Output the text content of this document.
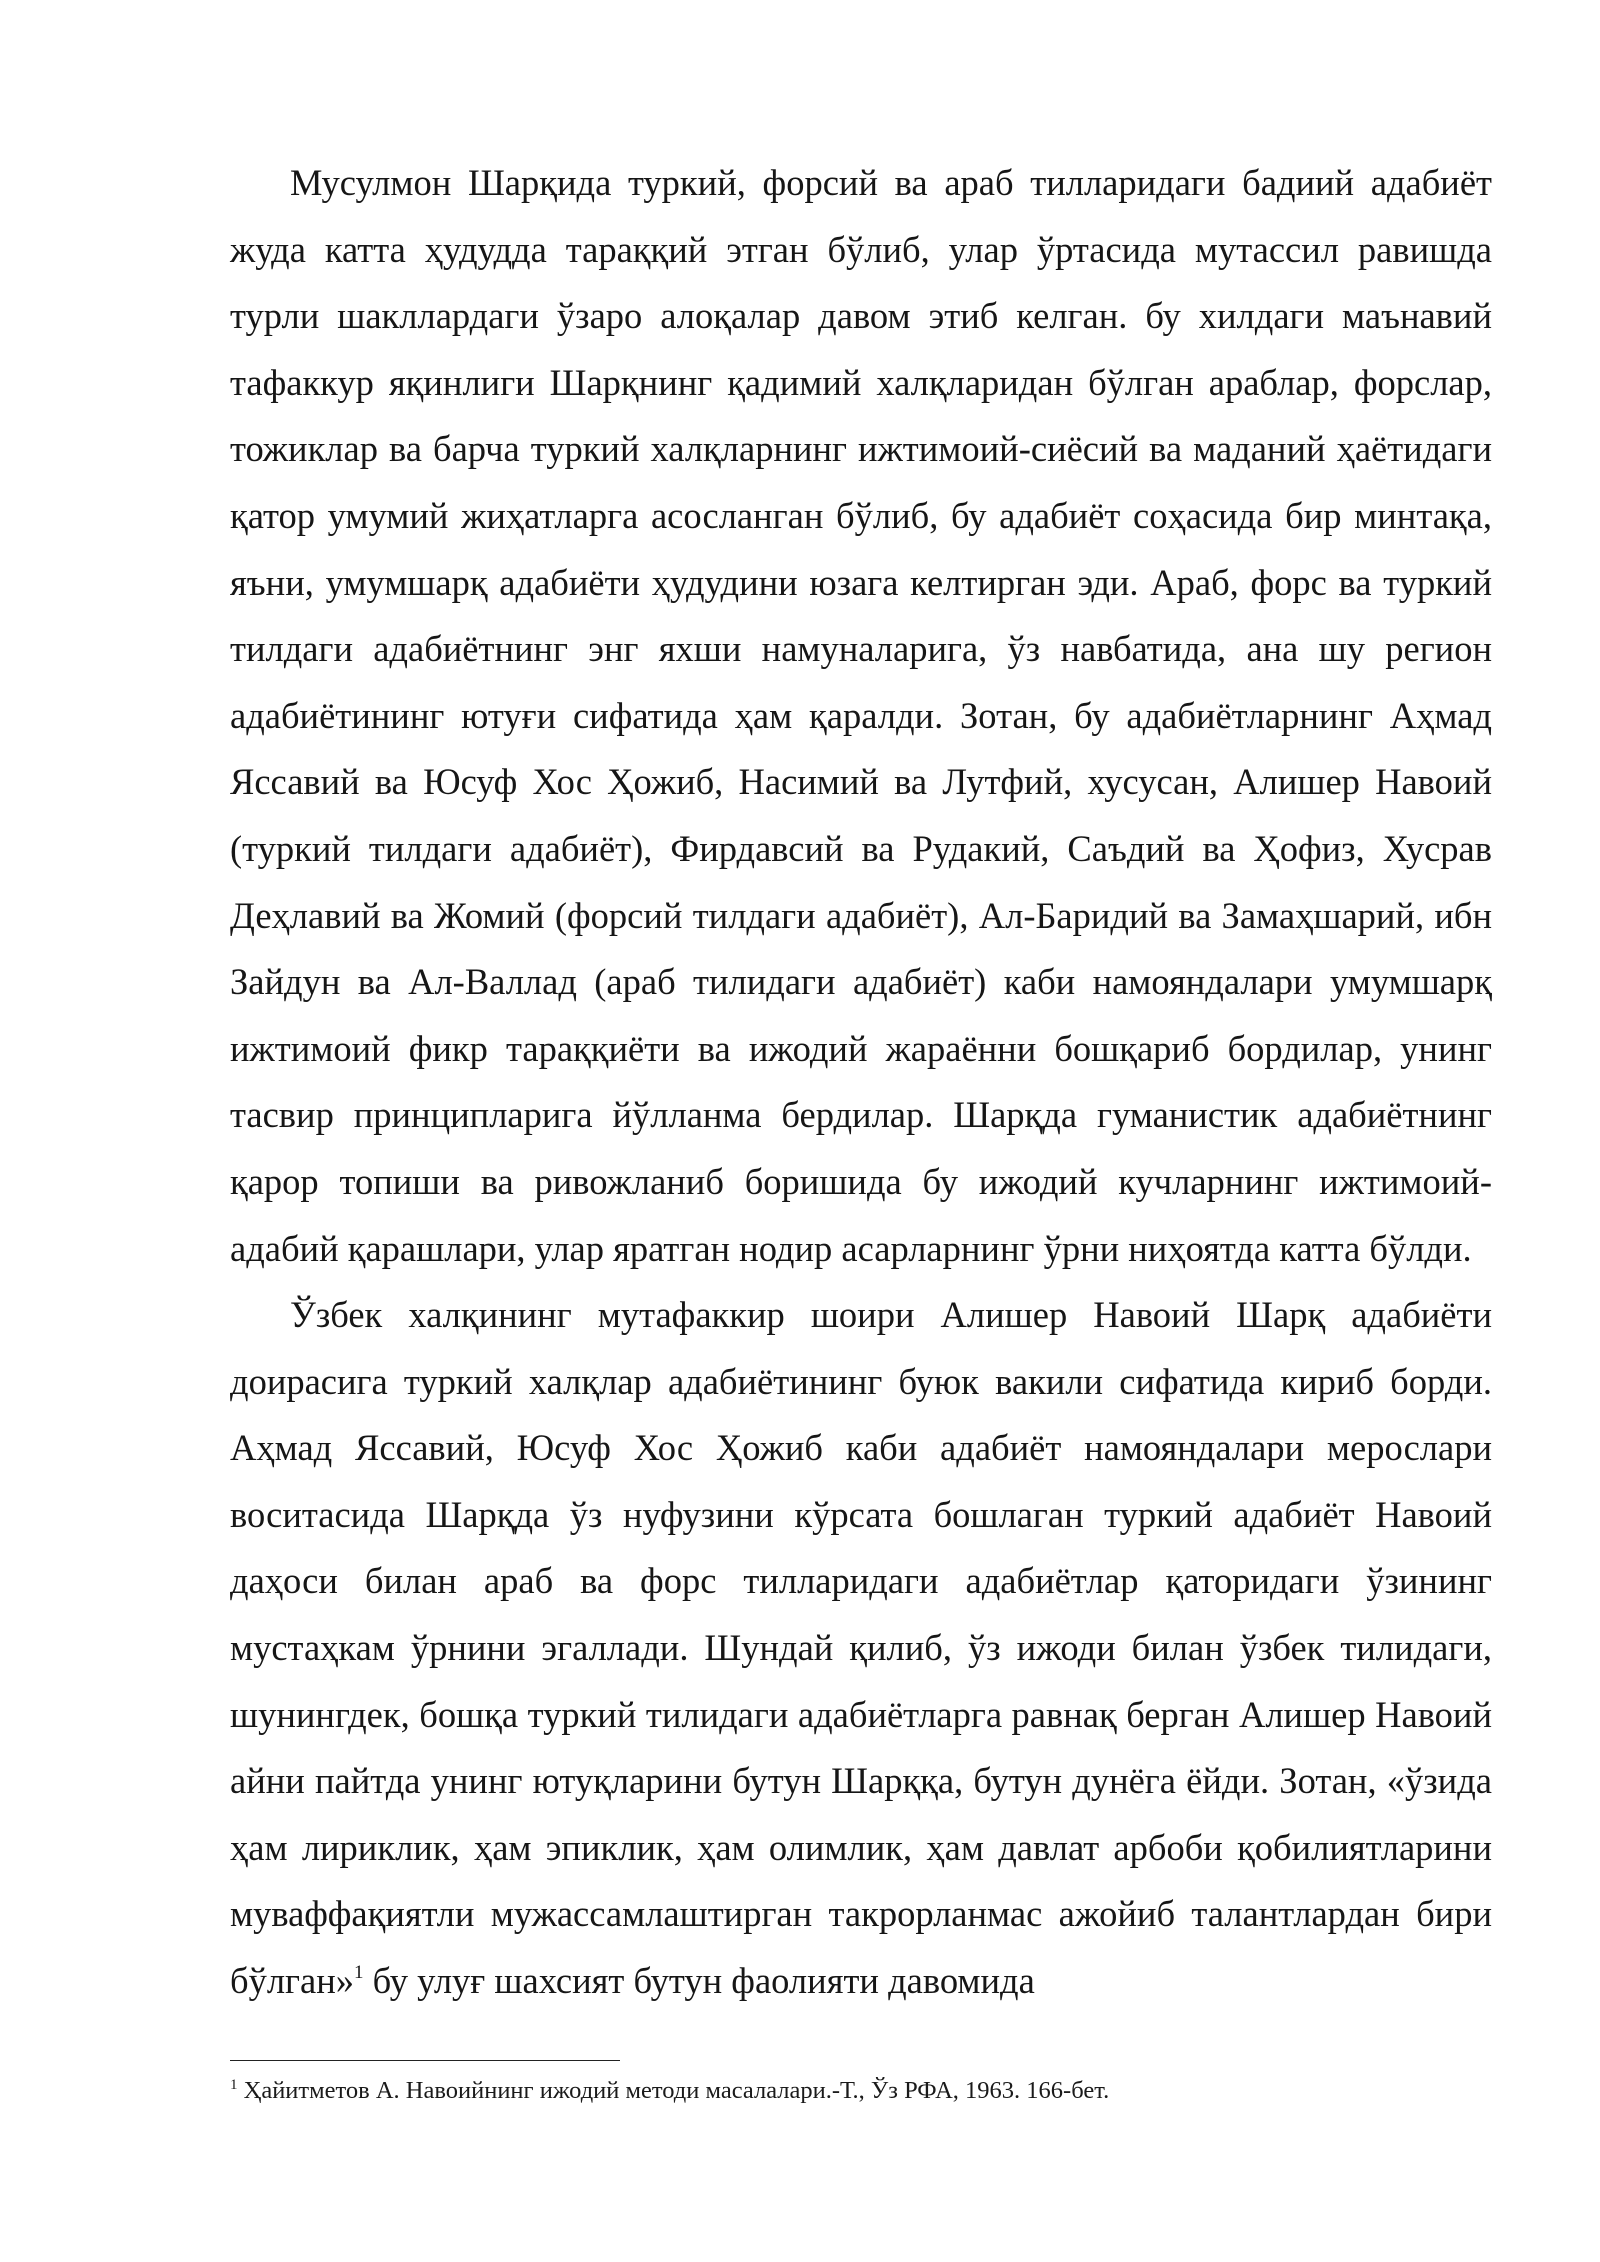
Мусулмон Шарқида туркий, форсий ва араб тилларидаги бадиий адабиёт жуда катта ҳудудда тараққий этган бўлиб, улар ўртасида мутассил равишда турли шакллардаги ўзаро алоқалар давом этиб келган. бу хилдаги маънавий тафаккур яқинлиги Шарқнинг қадимий халқларидан бўлган араблар, форслар, тожиклар ва барча туркий халқларнинг ижтимоий-сиёсий ва маданий ҳаётидаги қатор умумий жиҳатларга асосланган бўлиб, бу адабиёт соҳасида бир минтақа, яъни, умумшарқ адабиёти ҳудудини юзага келтирган эди. Араб, форс ва туркий тилдаги адабиётнинг энг яхши намуналарига, ўз навбатида, ана шу регион адабиётининг ютуғи сифатида ҳам қаралди. Зотан, бу адабиётларнинг Аҳмад Яссавий ва Юсуф Хос Ҳожиб, Насимий ва Лутфий, хусусан, Алишер Навоий (туркий тилдаги адабиёт), Фирдавсий ва Рудакий, Саъдий ва Ҳофиз, Хусрав Деҳлавий ва Жомий (форсий тилдаги адабиёт), Ал-Баридий ва Замаҳшарий, ибн Зайдун ва Ал-Валлад (араб тилидаги адабиёт) каби намояндалари умумшарқ ижтимоий фикр тараққиёти ва ижодий жараённи бошқариб бордилар, унинг тасвир принципларига йўлланма бердилар. Шарқда гуманистик адабиётнинг қарор топиши ва ривожланиб боришида бу ижодий кучларнинг ижтимоий-адабий қарашлари, улар яратган нодир асарларнинг ўрни ниҳоятда катта бўлди.

Ўзбек халқининг мутафаккир шоири Алишер Навоий Шарқ адабиёти доирасига туркий халқлар адабиётининг буюк вакили сифатида кириб борди. Аҳмад Яссавий, Юсуф Хос Ҳожиб каби адабиёт намояндалари мерослари воситасида Шарқда ўз нуфузини кўрсата бошлаган туркий адабиёт Навоий даҳоси билан араб ва форс тилларидаги адабиётлар қаторидаги ўзининг мустаҳкам ўрнини эгаллади. Шундай қилиб, ўз ижоди билан ўзбек тилидаги, шунингдек, бошқа туркий тилидаги адабиётларга равнақ берган Алишер Навоий айни пайтда унинг ютуқларини бутун Шарққа, бутун дунёга ёйди. Зотан, «ўзида ҳам лириклик, ҳам эпиклик, ҳам олимлик, ҳам давлат арбоби қобилиятларини муваффақиятли мужассамлаштирган такрорланмас ажойиб талантлардан бири бўлган»$^1$ бу улуғ шахсият бутун фаолияти давомида

$^1$ Ҳайитметов А. Навоийнинг ижодий методи масалалари.-Т., Ўз РФА, 1963. 166-бет.
